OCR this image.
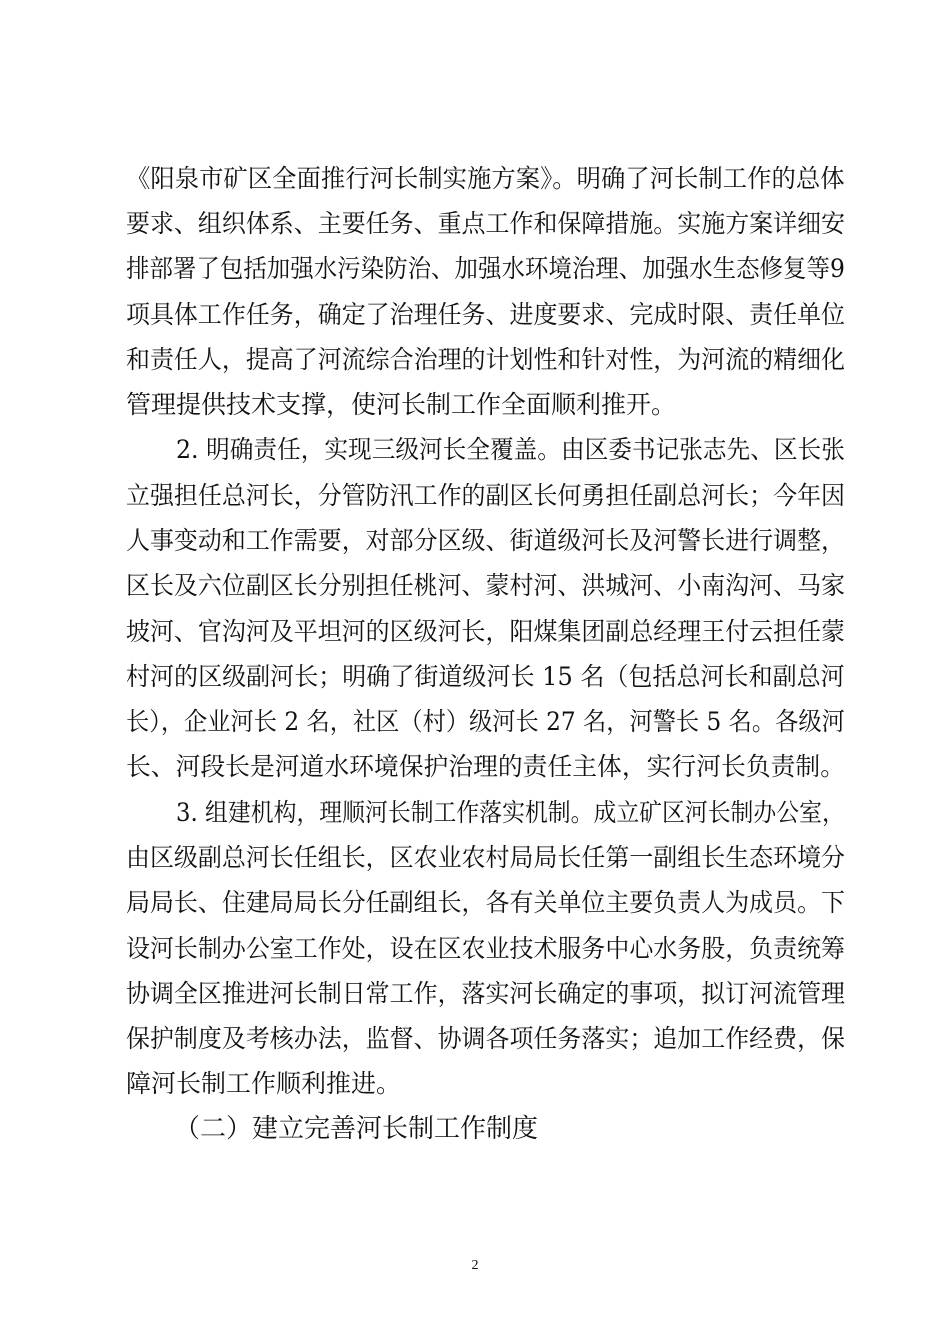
《阳泉市矿区全面推行河长制实施方案》。明确了河长制工作的总体
要求、组织体系、主要任务、重点工作和保障措施。实施方案详细安
排部署了包括加强水污染防治、加强水环境治理、加强水生态修复等9
项具体工作任务，确定了治理任务、进度要求、完成时限、责任单位
和责任人，提高了河流综合治理的计划性和针对性，为河流的精细化
管理提供技术支撑，使河长制工作全面顺利推开。
2. 明确责任，实现三级河长全覆盖。由区委书记张志先、区长张
立强担任总河长，分管防汛工作的副区长何勇担任副总河长；今年因
人事变动和工作需要，对部分区级、街道级河长及河警长进行调整，
区长及六位副区长分别担任桃河、蒙村河、洪城河、小南沟河、马家
坡河、官沟河及平坦河的区级河长，阳煤集团副总经理王付云担任蒙
村河的区级副河长；明确了街道级河长 15 名（包括总河长和副总河
长），企业河长 2 名，社区（村）级河长 27 名，河警长 5 名。各级河
长、河段长是河道水环境保护治理的责任主体，实行河长负责制。
3. 组建机构，理顺河长制工作落实机制。成立矿区河长制办公室，
由区级副总河长任组长，区农业农村局局长任第一副组长生态环境分
局局长、住建局局长分任副组长，各有关单位主要负责人为成员。下
设河长制办公室工作处，设在区农业技术服务中心水务股，负责统筹
协调全区推进河长制日常工作，落实河长确定的事项，拟订河流管理
保护制度及考核办法，监督、协调各项任务落实；追加工作经费，保
障河长制工作顺利推进。
（二）建立完善河长制工作制度
2
